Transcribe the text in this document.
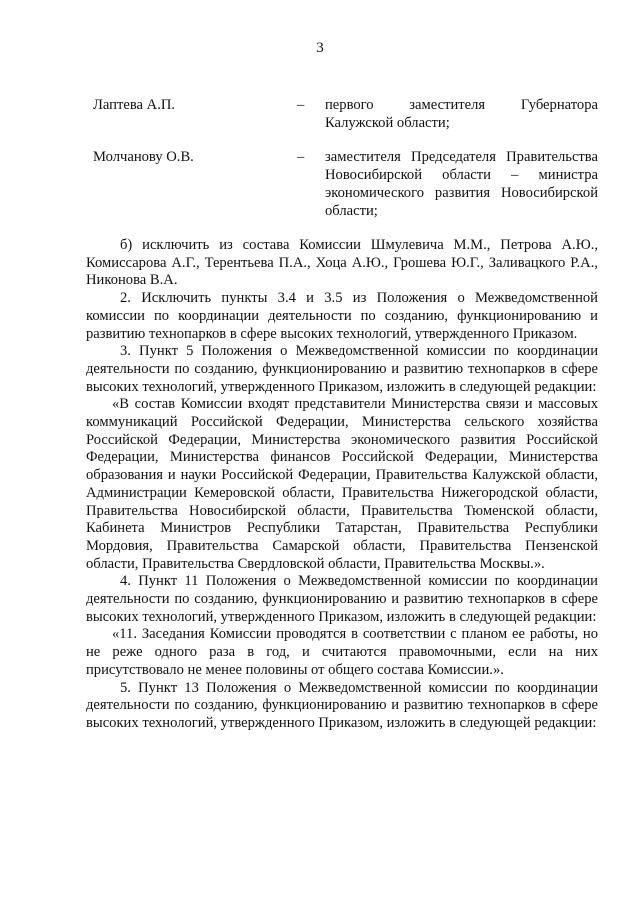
3
Лаптева А.П.	– первого заместителя Губернатора Калужской области;
Молчанову О.В.	– заместителя Председателя Правительства Новосибирской области – министра экономического развития Новосибирской области;

б) исключить из состава Комиссии Шмулевича М.М., Петрова А.Ю., Комиссарова А.Г., Терентьева П.А., Хоца А.Ю., Грошева Ю.Г., Заливацкого Р.А., Никонова В.А.

2. Исключить пункты 3.4 и 3.5 из Положения о Межведомственной комиссии по координации деятельности по созданию, функционированию и развитию технопарков в сфере высоких технологий, утвержденного Приказом.

3. Пункт 5 Положения о Межведомственной комиссии по координации деятельности по созданию, функционированию и развитию технопарков в сфере высоких технологий, утвержденного Приказом, изложить в следующей редакции:

«В состав Комиссии входят представители Министерства связи и массовых коммуникаций Российской Федерации, Министерства сельского хозяйства Российской Федерации, Министерства экономического развития Российской Федерации, Министерства финансов Российской Федерации, Министерства образования и науки Российской Федерации, Правительства Калужской области, Администрации Кемеровской области, Правительства Нижегородской области, Правительства Новосибирской области, Правительства Тюменской области, Кабинета Министров Республики Татарстан, Правительства Республики Мордовия, Правительства Самарской области, Правительства Пензенской области, Правительства Свердловской области, Правительства Москвы.».

4. Пункт 11 Положения о Межведомственной комиссии по координации деятельности по созданию, функционированию и развитию технопарков в сфере высоких технологий, утвержденного Приказом, изложить в следующей редакции:

«11. Заседания Комиссии проводятся в соответствии с планом ее работы, но не реже одного раза в год, и считаются правомочными, если на них присутствовало не менее половины от общего состава Комиссии.».

5. Пункт 13 Положения о Межведомственной комиссии по координации деятельности по созданию, функционированию и развитию технопарков в сфере высоких технологий, утвержденного Приказом, изложить в следующей редакции:
